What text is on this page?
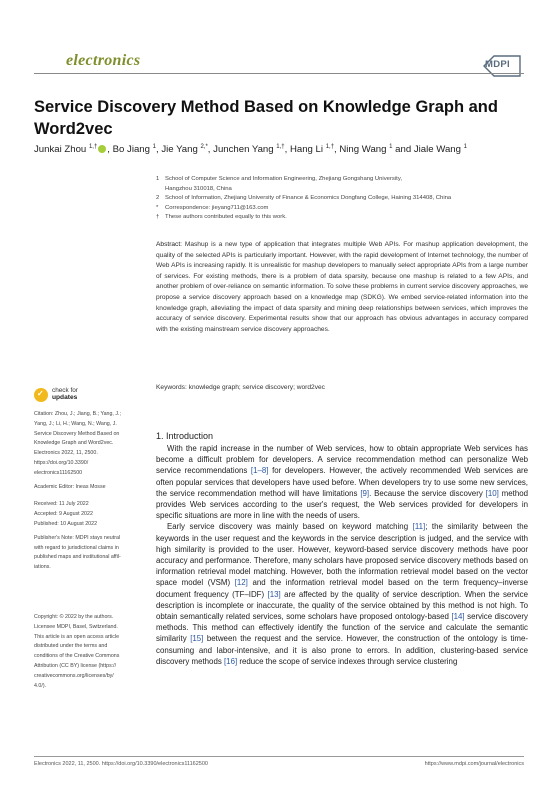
electronics	MDPI
Service Discovery Method Based on Knowledge Graph and Word2vec
Junkai Zhou $^{1,\dagger}$ , Bo Jiang $^1$, Jie Yang $^{2,*}$, Junchen Yang $^{1,\dagger}$, Hang Li $^{1,\dagger}$, Ning Wang $^1$ and Jiale Wang $^1$
1 School of Computer Science and Information Engineering, Zhejiang Gongshang University,
Hangzhou 310018, China
2 School of Information, Zhejiang University of Finance & Economics Dongfang College, Haining 314408, China
*	Correspondence: jieyang711@163.com
† These authors contributed equally to this work.
Abstract: Mashup is a new type of application that integrates multiple Web APIs. For mashup application development, the quality of the selected APIs is particularly important. However, with the rapid development of Internet technology, the number of Web APIs is increasing rapidly. It is unrealistic for mashup developers to manually select appropriate APIs from a large number of services. For existing methods, there is a problem of data sparsity, because one mashup is related to a few APIs, and another problem of over-reliance on semantic information. To solve these problems in current service discovery approaches, we propose a service discovery approach based on a knowledge map (SDKG). We embed service-related information into the knowledge graph, alleviating the impact of data sparsity and mining deep relationships between services, which improves the accuracy of service discovery. Experimental results show that our approach has obvious advantages in accuracy compared with the existing mainstream service discovery approaches.
Keywords: knowledge graph; service discovery; word2vec
✓ check for
updates
Citation: Zhou, J.; Jiang, B.; Yang, J.;
Yang, J.; Li, H.; Wang, N.; Wang, J.
Service Discovery Method Based on
Knowledge Graph and Word2vec.
Electronics 2022, 11, 2500.
https://doi.org/10.3390/
electronics11162500
Academic Editor: Ineas Mosse
Received: 11 July 2022
Accepted: 9 August 2022
Published: 10 August 2022
Publisher's Note: MDPI stays neutral
with regard to jurisdictional claims in
published maps and institutional affil-
iations.
Copyright: © 2022 by the authors.
Licensee MDPI, Basel, Switzerland.
This article is an open access article
distributed under the terms and
conditions of the Creative Commons
Attribution (CC BY) license (https://
creativecommons.org/licenses/by/
4.0/).
1. Introduction

With the rapid increase in the number of Web services, how to obtain appropriate Web services has become a difficult problem for developers. A service recommendation method can personalize Web service recommendations [1–8] for developers. However, the actively recommended Web services are often popular services that developers have used before. When developers try to use some new services, the service recommendation method will have limitations [9]. Because the service discovery [10] method provides Web services according to the user's request, the Web services provided for developers in specific situations are more in line with the needs of users.

Early service discovery was mainly based on keyword matching [11]; the similarity between the keywords in the user request and the keywords in the service description is judged, and the service with high similarity is provided to the user. However, keyword-based service discovery methods have poor accuracy and performance. Therefore, many scholars have proposed service discovery methods based on information retrieval model matching. However, both the information retrieval model based on the vector space model (VSM) [12] and the information retrieval model based on the term frequency–inverse document frequency (TF–IDF) [13] are affected by the quality of service description. When the service description is incomplete or inaccurate, the quality of the service obtained by this method is not high. To obtain semantically related services, some scholars have proposed ontology-based [14] service discovery methods. This method can effectively identify the function of the service and calculate the semantic similarity [15] between the request and the service. However, the construction of the ontology is time-consuming and labor-intensive, and it is also prone to errors. In addition, clustering-based service discovery methods [16] reduce the scope of service indexes through service clustering

Electronics 2022, 11, 2500. https://doi.org/10.3390/electronics11162500	https://www.mdpi.com/journal/electronics
